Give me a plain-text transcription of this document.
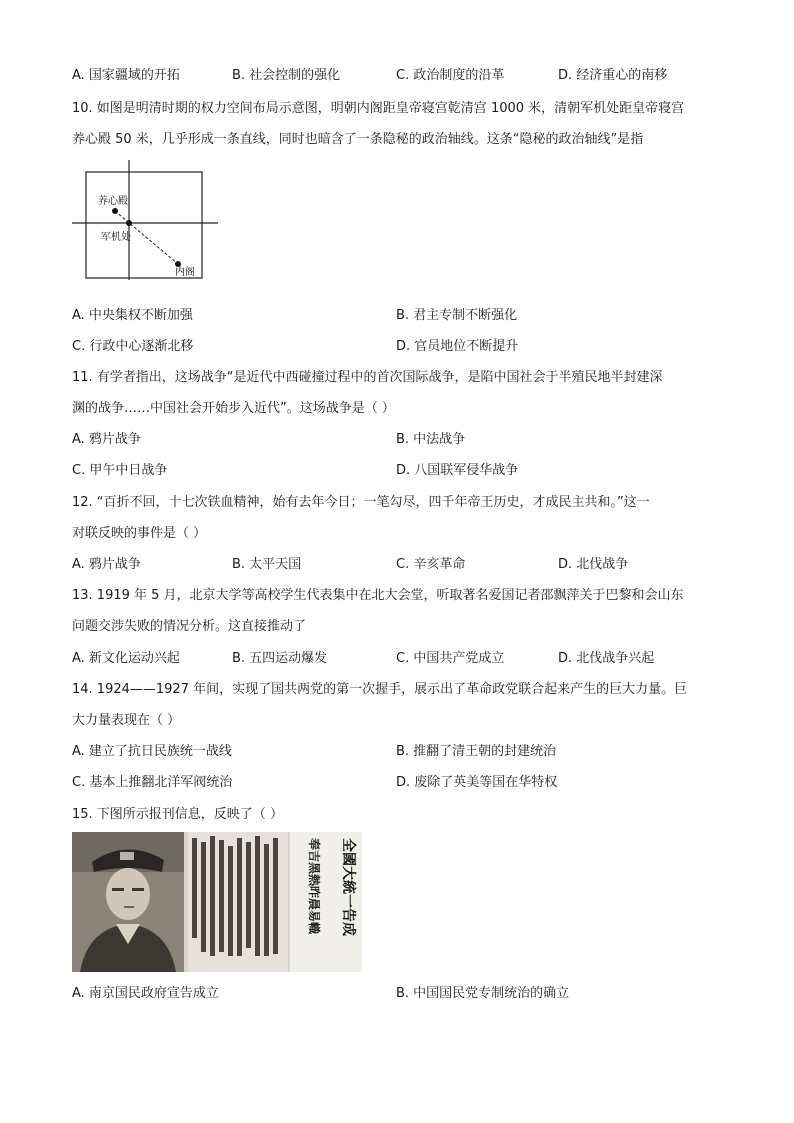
A. 国家疆域的开拓	B. 社会控制的强化	C. 政治制度的沿革	D. 经济重心的南移
10. 如图是明清时期的权力空间布局示意图，明朝内阁距皇帝寝宫乾清宫 1000 米，清朝军机处距皇帝寝宫
养心殿 50 米，几乎形成一条直线，同时也暗含了一条隐秘的政治轴线。这条“隐秘的政治轴线”是指
养心殿
军机处
内阁
A. 中央集权不断加强	B. 君主专制不断强化
C. 行政中心逐渐北移	D. 官员地位不断提升
11. 有学者指出，这场战争“是近代中西碰撞过程中的首次国际战争，是陷中国社会于半殖民地半封建深
渊的战争……中国社会开始步入近代”。这场战争是（ ）
A. 鸦片战争	B. 中法战争
C. 甲午中日战争	D. 八国联军侵华战争
12. “百折不回，十七次铁血精神，始有去年今日；一笔勾尽，四千年帝王历史，才成民主共和。”这一
对联反映的事件是（ ）
A. 鸦片战争	B. 太平天国	C. 辛亥革命	D. 北伐战争
13. 1919 年 5 月，北京大学等高校学生代表集中在北大会堂，听取著名爱国记者邵飘萍关于巴黎和会山东
问题交涉失败的情况分析。这直接推动了
A. 新文化运动兴起	B. 五四运动爆发	C. 中国共产党成立	D. 北伐战争兴起
14. 1924——1927 年间，实现了国共两党的第一次握手，展示出了革命政党联合起来产生的巨大力量。巨
大力量表现在（ ）
A. 建立了抗日民族统一战线	B. 推翻了清王朝的封建统治
C. 基本上推翻北洋军阀统治	D. 废除了英美等国在华特权
15. 下图所示报刊信息，反映了（ ）
全國大統一告成
奉吉黑熱昨晨易幟
A. 南京国民政府宣告成立	B. 中国国民党专制统治的确立
